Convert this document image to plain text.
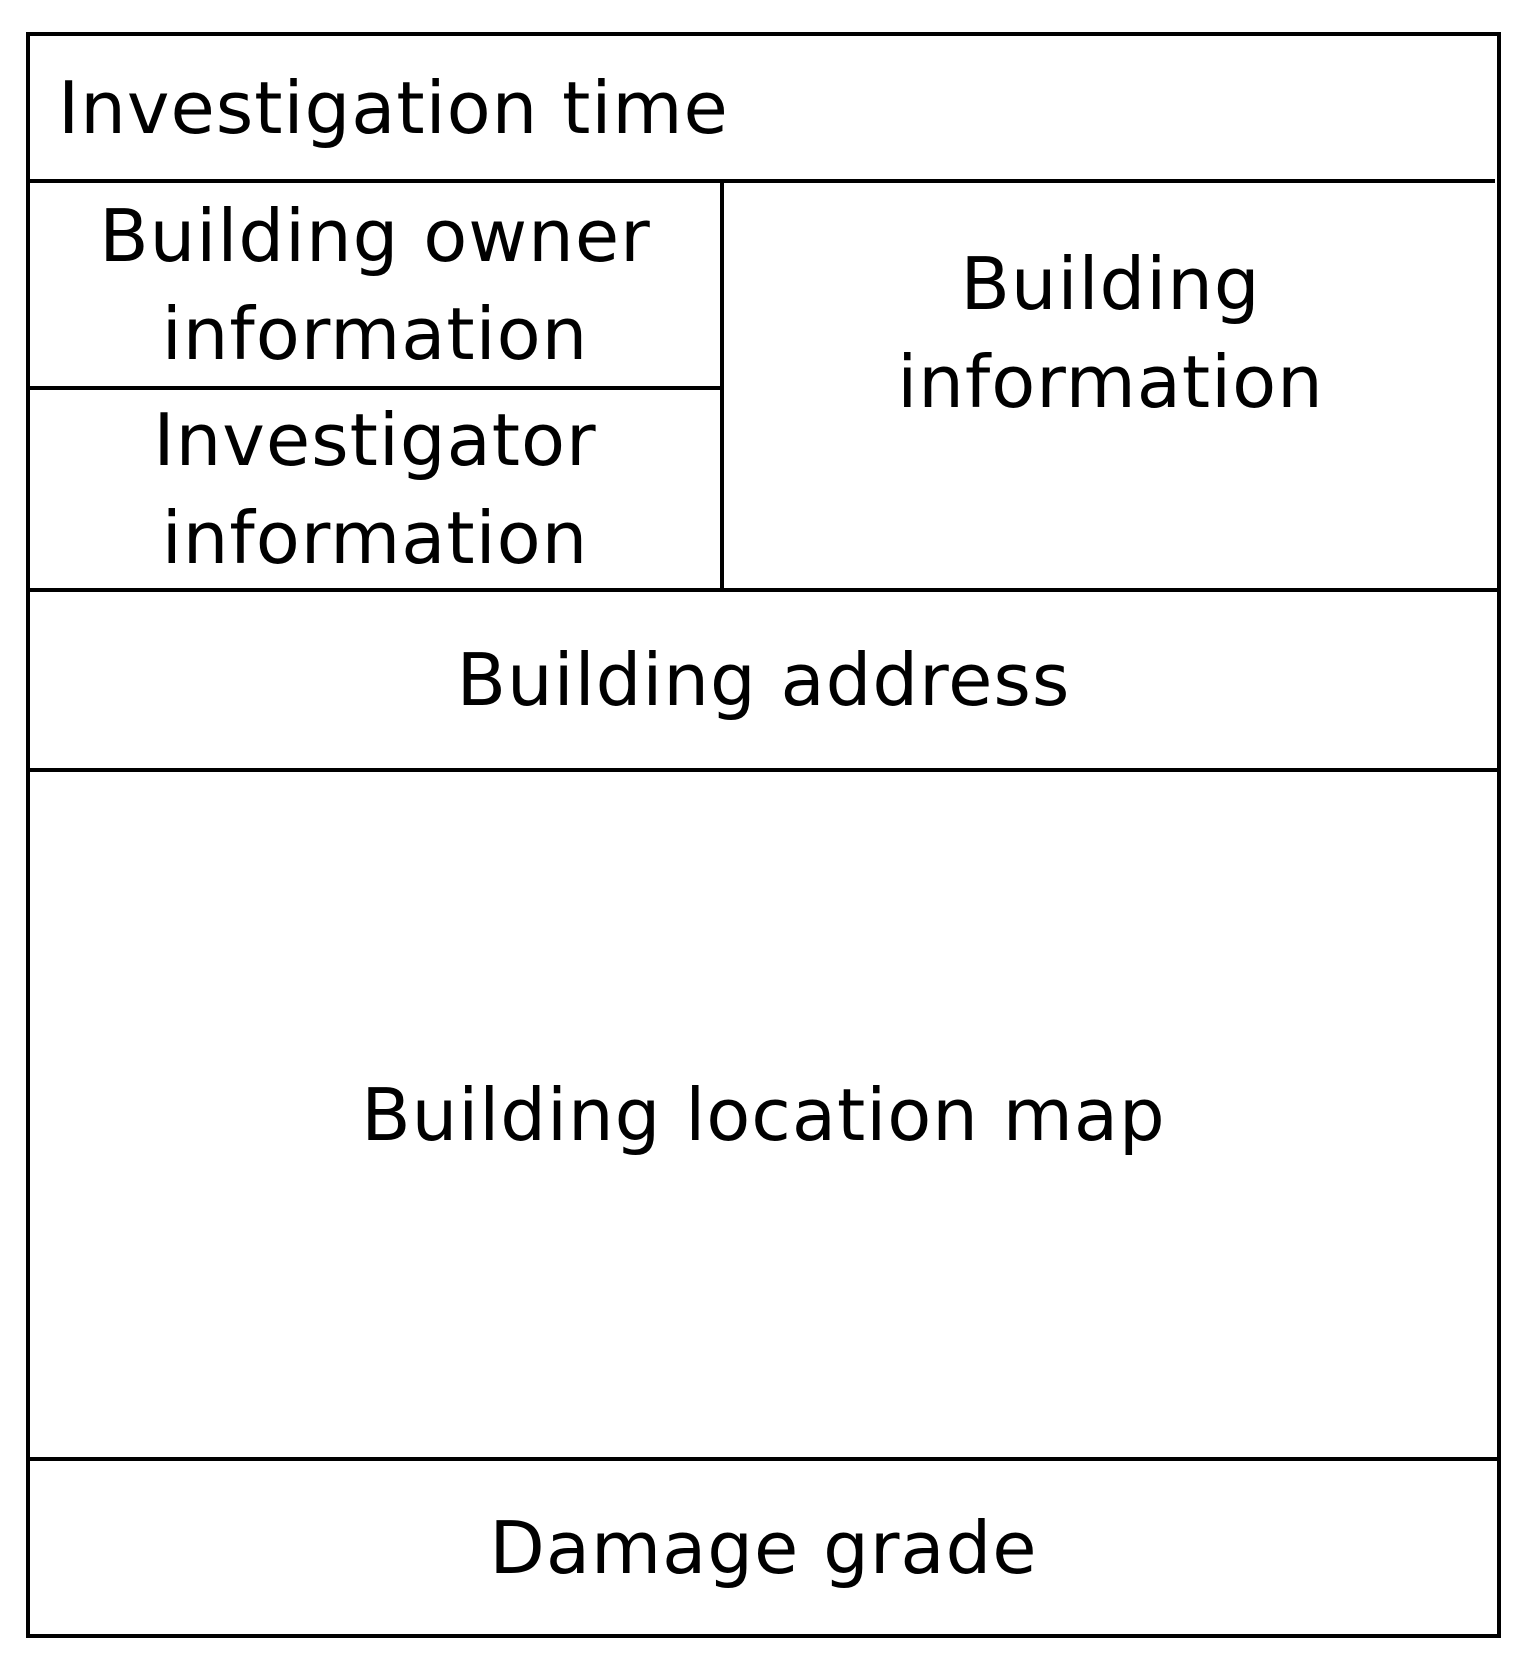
Investigation time
Building owner
information
Investigator
information
Building
information
Building address
Building location map
Damage grade
